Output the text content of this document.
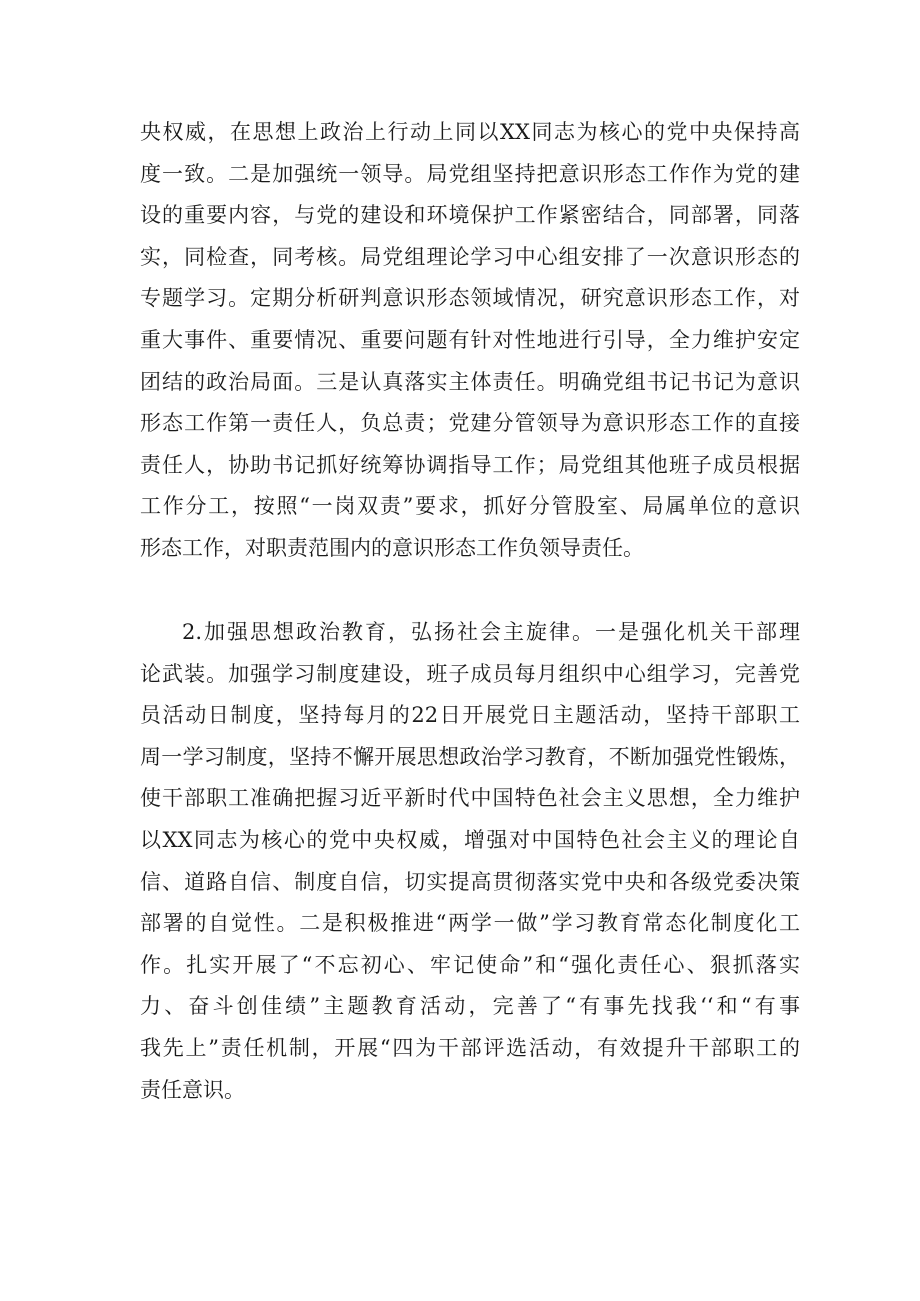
央权威，在思想上政治上行动上同以XX同志为核心的党中央保持高
度一致。二是加强统一领导。局党组坚持把意识形态工作作为党的建
设的重要内容，与党的建设和环境保护工作紧密结合，同部署，同落
实，同检查，同考核。局党组理论学习中心组安排了一次意识形态的
专题学习。定期分析研判意识形态领域情况，研究意识形态工作，对
重大事件、重要情况、重要问题有针对性地进行引导，全力维护安定
团结的政治局面。三是认真落实主体责任。明确党组书记书记为意识
形态工作第一责任人，负总责；党建分管领导为意识形态工作的直接
责任人，协助书记抓好统筹协调指导工作；局党组其他班子成员根据
工作分工，按照“一岗双责”要求，抓好分管股室、局属单位的意识
形态工作，对职责范围内的意识形态工作负领导责任。
2.加强思想政治教育，弘扬社会主旋律。一是强化机关干部理
论武装。加强学习制度建设，班子成员每月组织中心组学习，完善党
员活动日制度，坚持每月的22日开展党日主题活动，坚持干部职工
周一学习制度，坚持不懈开展思想政治学习教育，不断加强党性锻炼，
使干部职工准确把握习近平新时代中国特色社会主义思想，全力维护
以XX同志为核心的党中央权威，增强对中国特色社会主义的理论自
信、道路自信、制度自信，切实提高贯彻落实党中央和各级党委决策
部署的自觉性。二是积极推进“两学一做”学习教育常态化制度化工
作。扎实开展了“不忘初心、牢记使命”和“强化责任心、狠抓落实
力、奋斗创佳绩”主题教育活动，完善了“有事先找我‘‘和“有事
我先上”责任机制，开展“四为干部评选活动，有效提升干部职工的
责任意识。
